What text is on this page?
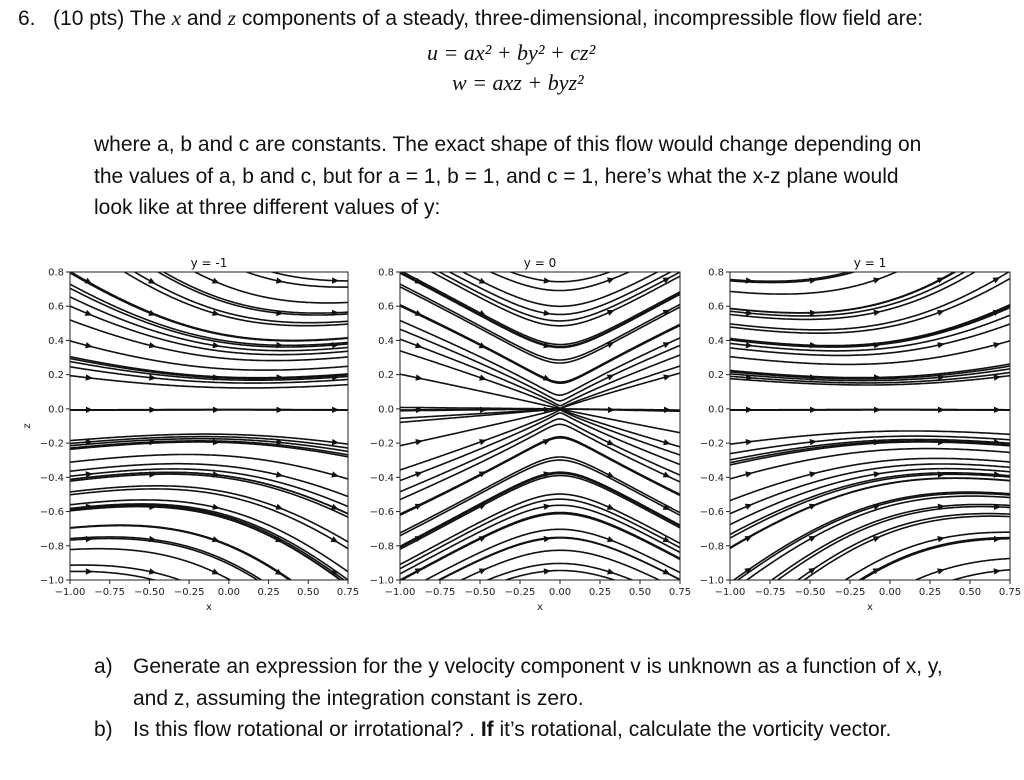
6. (10 pts) The x and z components of a steady, three-dimensional, incompressible flow field are:
u = ax² + by² + cz²
w = axz + byz²
where a, b and c are constants. The exact shape of this flow would change depending on
the values of a, b and c, but for a = 1, b = 1, and c = 1, here’s what the x-z plane would
look like at three different values of y:
0.8
0.6
0.4
0.2
0.0
−0.2
−0.4
−0.6
−0.8
−1.0
−1.00 −0.75 −0.50 −0.25 0.00 0.25 0.50 0.75
y = -1
x
z
0.8
0.6
0.4
0.2
0.0
−0.2
−0.4
−0.6
−0.8
−1.0
−1.00 −0.75 −0.50 −0.25 0.00 0.25 0.50 0.75
y = 0
x
0.8
0.6
0.4
0.2
0.0
−0.2
−0.4
−0.6
−0.8
−1.0
−1.00 −0.75 −0.50 −0.25 0.00 0.25 0.50 0.75
y = 1
x
a) Generate an expression for the y velocity component v is unknown as a function of x, y,
and z, assuming the integration constant is zero.
b) Is this flow rotational or irrotational? . If it’s rotational, calculate the vorticity vector.
